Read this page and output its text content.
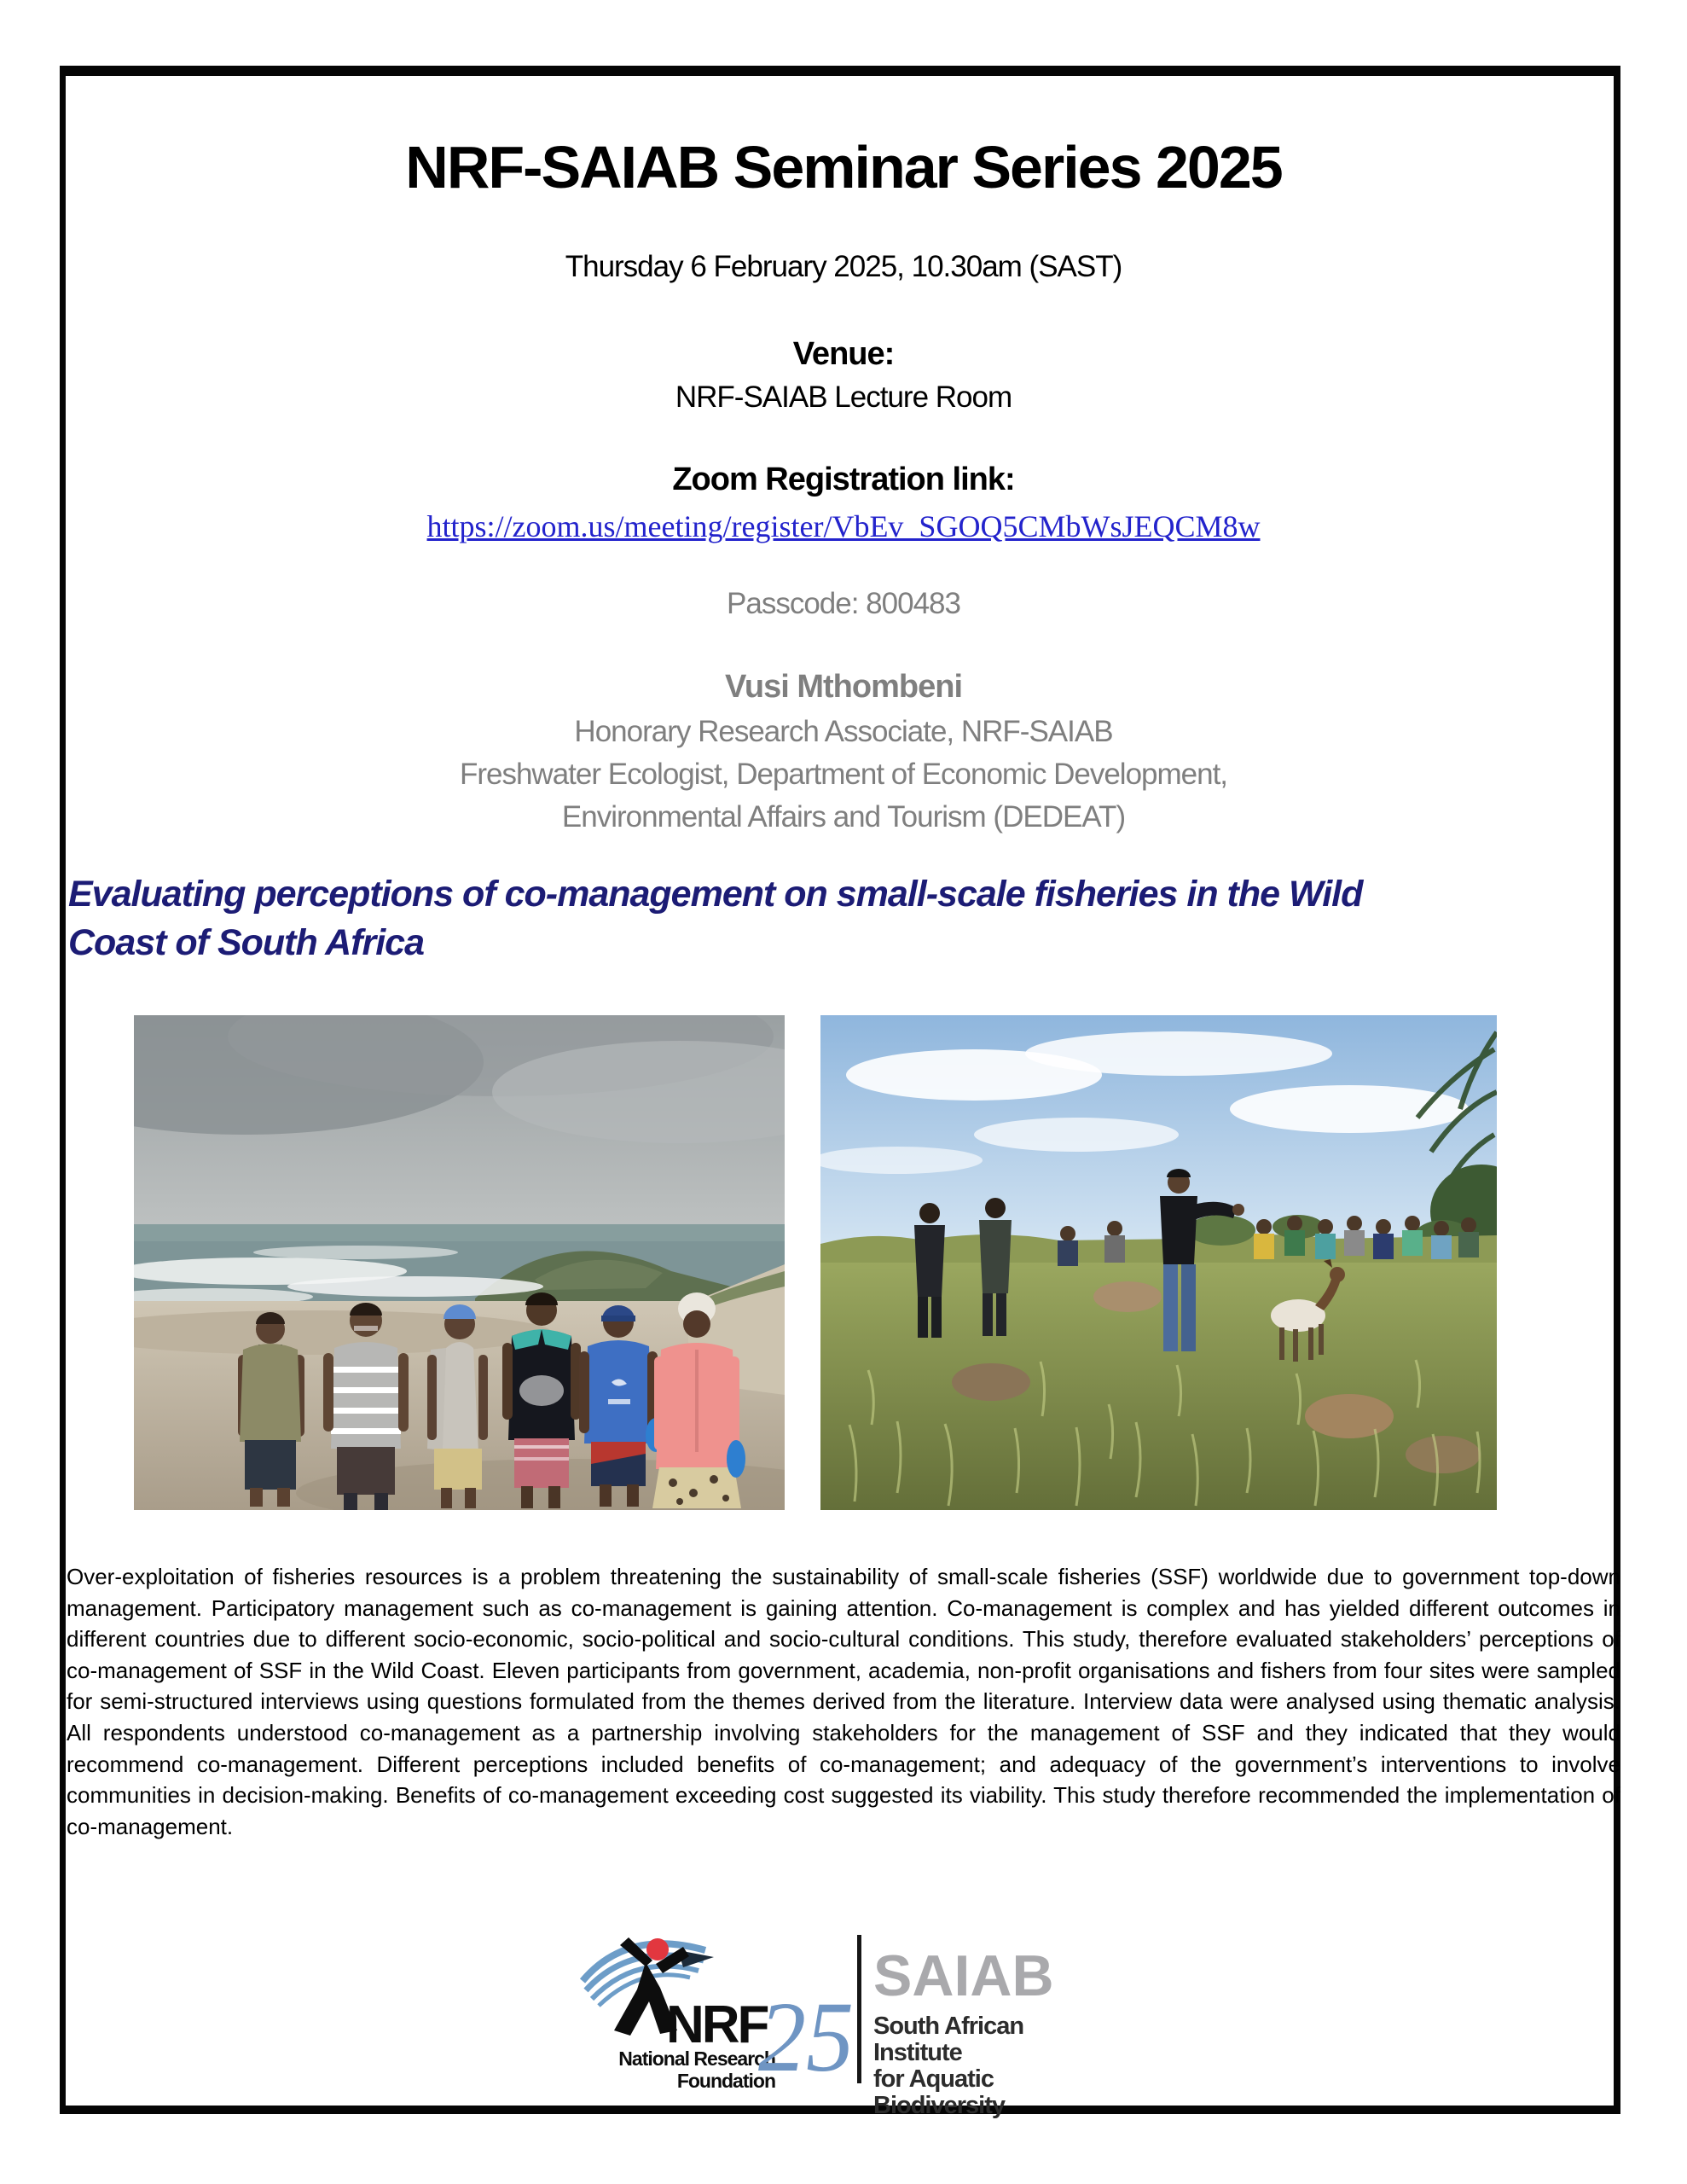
NRF-SAIAB Seminar Series 2025
Thursday 6 February 2025, 10.30am (SAST)
Venue:
NRF-SAIAB Lecture Room
Zoom Registration link:
https://zoom.us/meeting/register/VbEv_SGOQ5CMbWsJEQCM8w
Passcode: 800483
Vusi Mthombeni
Honorary Research Associate, NRF-SAIAB
Freshwater Ecologist, Department of Economic Development,
Environmental Affairs and Tourism (DEDEAT)
Evaluating perceptions of co-management on small-scale fisheries in the Wild
Coast of South Africa

Over-exploitation of fisheries resources is a problem threatening the sustainability of small-scale fisheries (SSF) worldwide due to government top-down management. Participatory management such as co-management is gaining attention. Co-management is complex and has yielded different outcomes in different countries due to different socio-economic, socio-political and socio-cultural conditions. This study, therefore evaluated stakeholders’ perceptions of co-management of SSF in the Wild Coast. Eleven participants from government, academia, non-profit organisations and fishers from four sites were sampled for semi-structured interviews using questions formulated from the themes derived from the literature. Interview data were analysed using thematic analysis. All respondents understood co-management as a partnership involving stakeholders for the management of SSF and they indicated that they would recommend co-management. Different perceptions included benefits of co-management; and adequacy of the government’s interventions to involve communities in decision-making. Benefits of co-management exceeding cost suggested its viability. This study therefore recommended the implementation of co-management.

NRF
National Research
Foundation
25
SAIAB
South African Institute
for Aquatic Biodiversity
